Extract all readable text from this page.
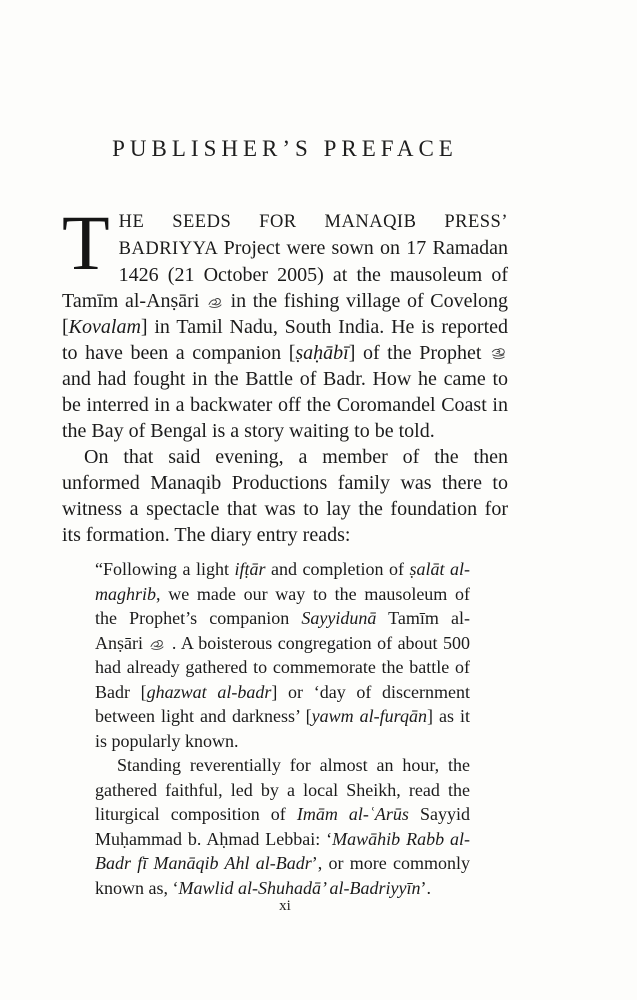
PUBLISHER’S PREFACE

THE SEEDS FOR MANAQIB PRESS’ BADRIYYA Project were sown on 17 Ramadan 1426 (21 October 2005) at the mausoleum of Tamīm al-Anṣāri  in the fishing village of Covelong [Kovalam] in Tamil Nadu, South India. He is reported to have been a companion [ṣaḥābī] of the Prophet  and had fought in the Battle of Badr. How he came to be interred in a backwater off the Coromandel Coast in the Bay of Bengal is a story waiting to be told.

On that said evening, a member of the then unformed Manaqib Productions family was there to witness a spectacle that was to lay the foundation for its formation. The diary entry reads:

“Following a light ifṭār and completion of ṣalāt al-maghrib, we made our way to the mausoleum of the Prophet’s companion Sayyidunā Tamīm al-Anṣāri  . A boisterous congregation of about 500 had already gathered to commemorate the battle of Badr [ghazwat al-badr] or ‘day of discernment between light and darkness’ [yawm al-furqān] as it is popularly known.

Standing reverentially for almost an hour, the gathered faithful, led by a local Sheikh, read the liturgical composition of Imām al-ʿArūs Sayyid Muḥammad b. Aḥmad Lebbai: ‘Mawāhib Rabb al-Badr fī Manāqib Ahl al-Badr’, or more commonly known as, ‘Mawlid al-Shuhadā’ al-Badriyyīn’.

xi
